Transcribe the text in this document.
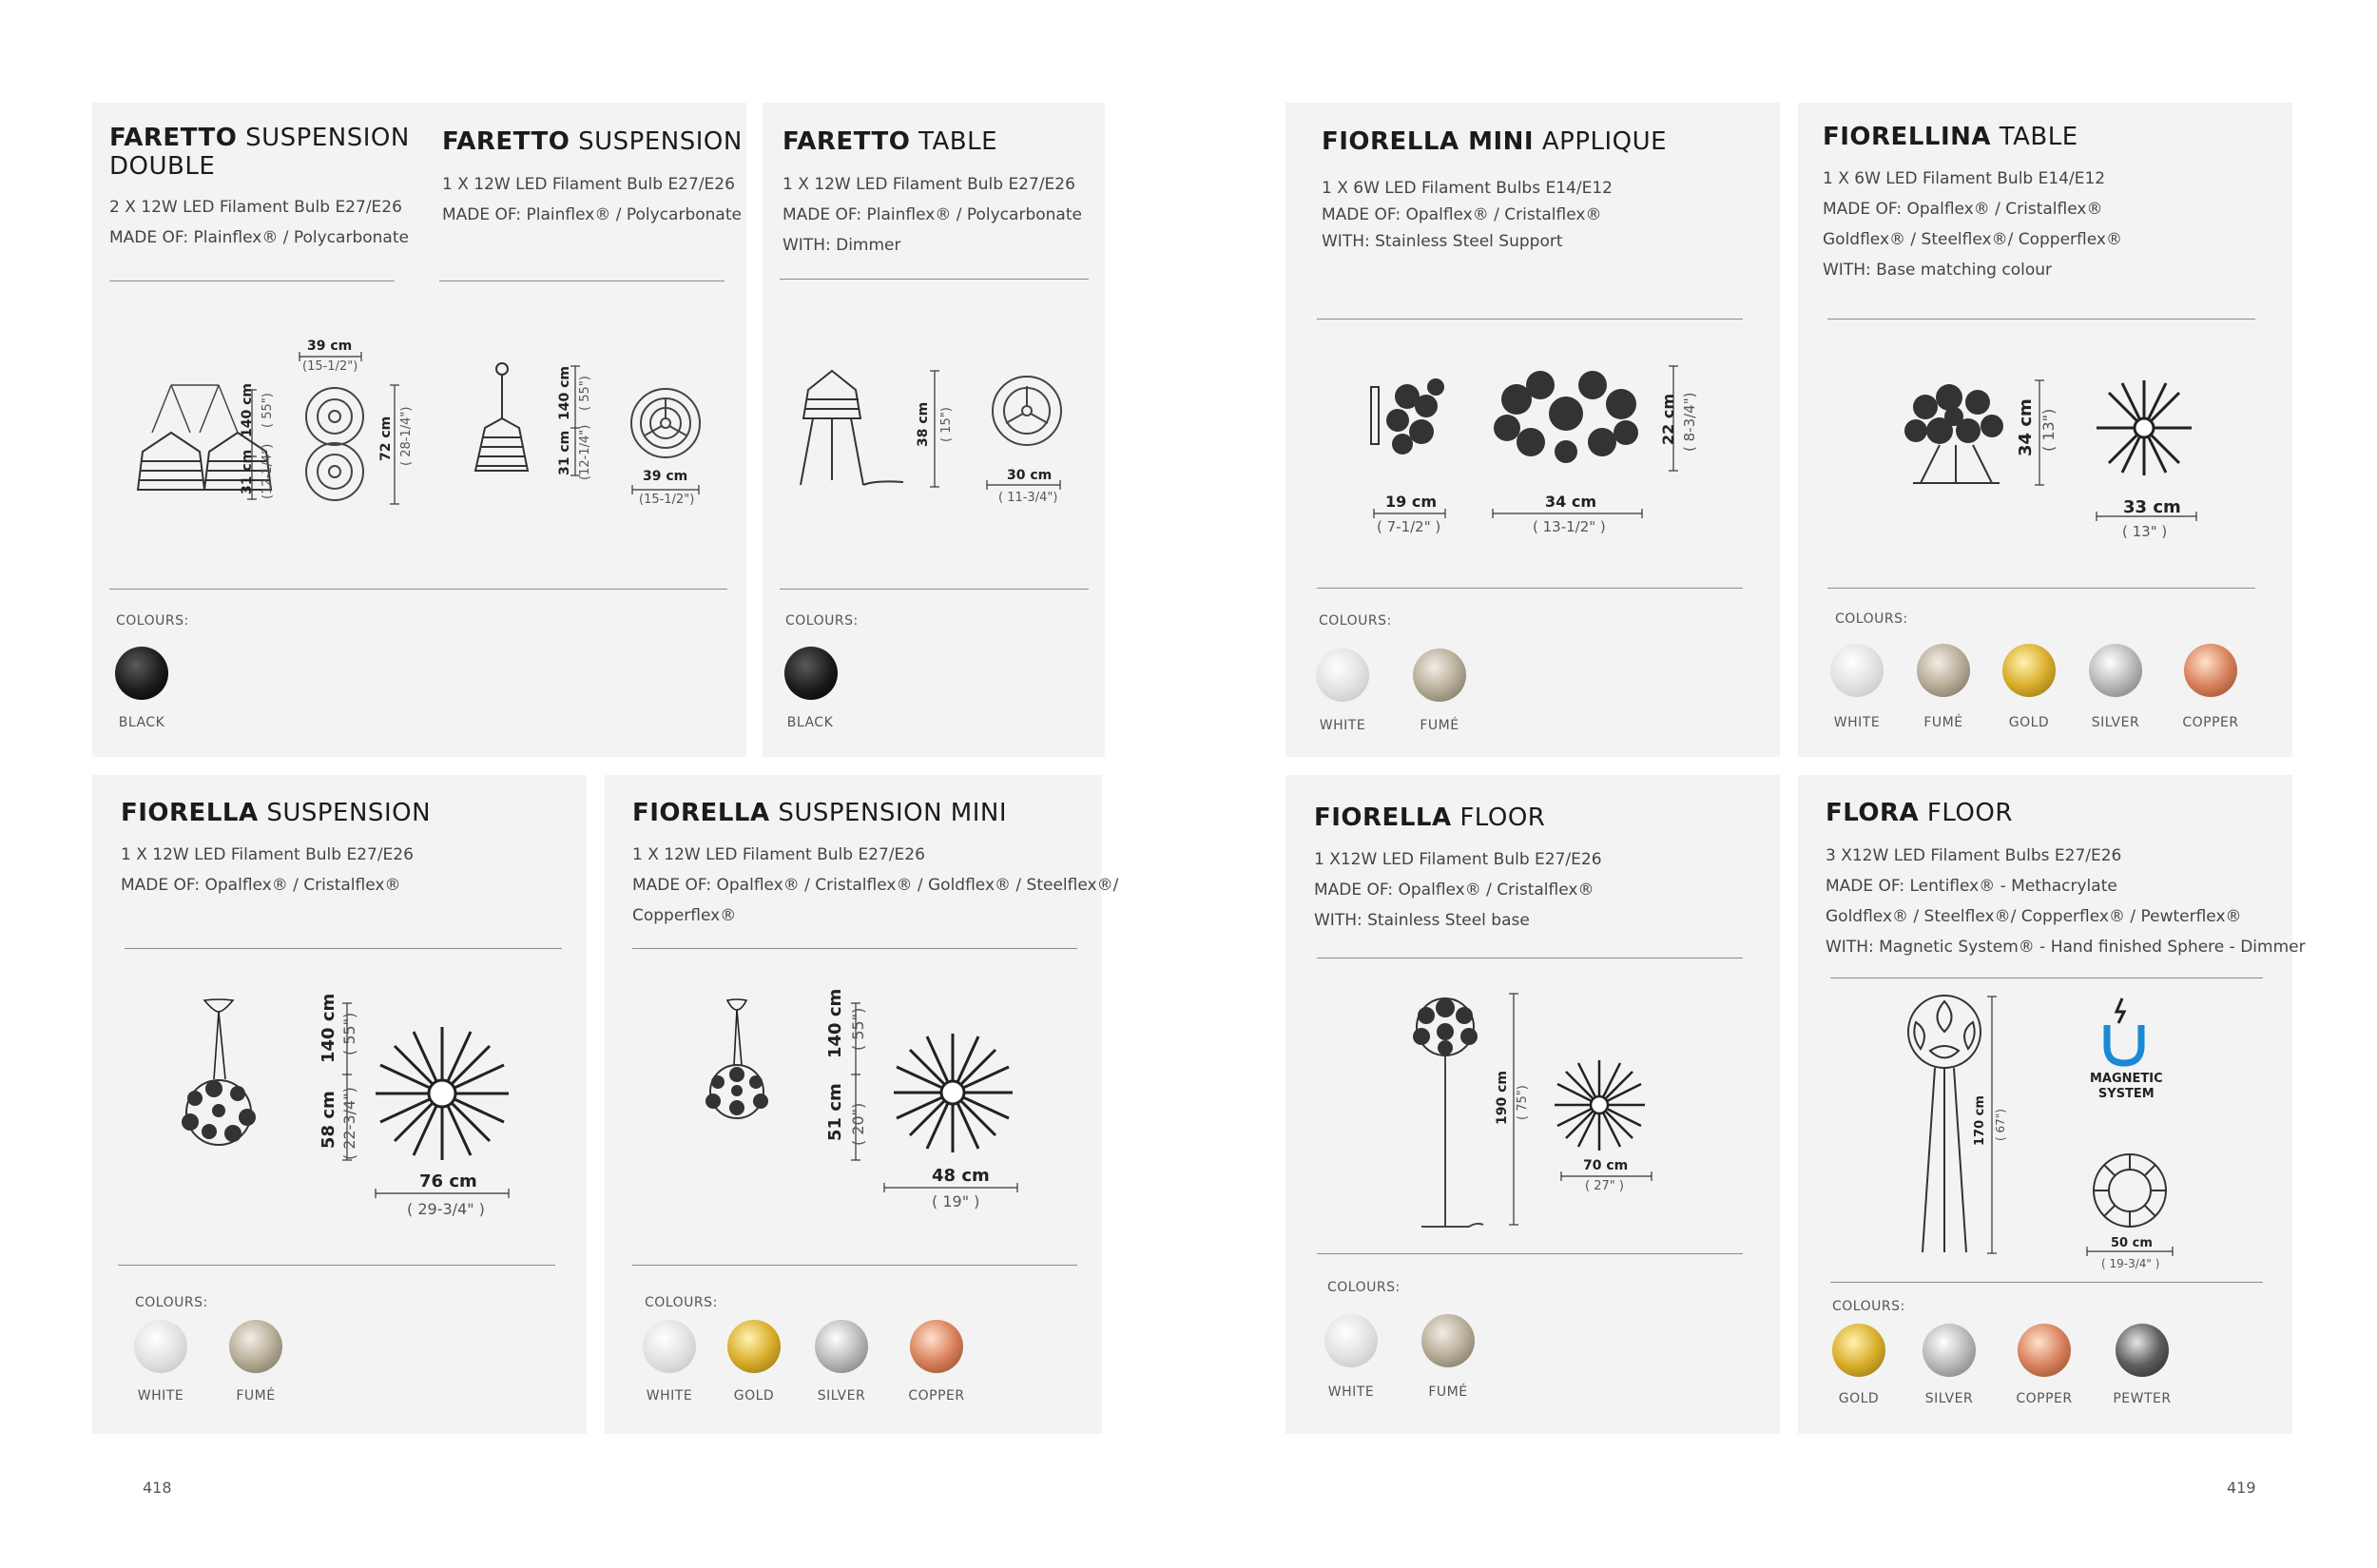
FARETTO SUSPENSION
DOUBLE
2 X 12W LED Filament Bulb E27/E26
MADE OF: Plainflex® / Polycarbonate
FARETTO SUSPENSION
1 X 12W LED Filament Bulb E27/E26
MADE OF: Plainflex® / Polycarbonate
39 cm
(15-1/2")
140 cm ( 55")
31 cm (12-1/4")
72 cm ( 28-1/4")
140 cm ( 55")
31 cm (12-1/4")	39 cm
(15-1/2")
COLOURS:
BLACK
FARETTO TABLE
1 X 12W LED Filament Bulb E27/E26
MADE OF: Plainflex® / Polycarbonate
WITH: Dimmer
38 cm ( 15")
30 cm
( 11-3/4")
COLOURS:
BLACK
FIORELLA SUSPENSION
1 X 12W LED Filament Bulb E27/E26
MADE OF: Opalflex® / Cristalflex®
140 cm ( 55")
58 cm ( 22-3/4")
76 cm
( 29-3/4" )
COLOURS:
WHITE	FUMÉ
FIORELLA SUSPENSION MINI
1 X 12W LED Filament Bulb E27/E26
MADE OF: Opalflex® / Cristalflex® / Goldflex® / Steelflex®/
Copperflex®
140 cm ( 55")
51 cm ( 20")
48 cm
( 19" )
COLOURS:
WHITE	GOLD	SILVER	COPPER
418
FIORELLA MINI APPLIQUE
1 X 6W LED Filament Bulbs E14/E12
MADE OF: Opalflex® / Cristalflex®
WITH: Stainless Steel Support
19 cm
( 7-1/2" )
34 cm
( 13-1/2" )
22 cm ( 8-3/4")
COLOURS:
WHITE	FUMÉ
FIORELLINA TABLE
1 X 6W LED Filament Bulb E14/E12
MADE OF: Opalflex® / Cristalflex®
Goldflex® / Steelflex®/ Copperflex®
WITH: Base matching colour
34 cm ( 13")
33 cm
( 13" )
COLOURS:
WHITE	FUMÉ	GOLD	SILVER	COPPER
FIORELLA FLOOR
1 X12W LED Filament Bulb E27/E26
MADE OF: Opalflex® / Cristalflex®
WITH: Stainless Steel base
190 cm ( 75")
70 cm
( 27" )
COLOURS:
WHITE	FUMÉ
FLORA FLOOR
3 X12W LED Filament Bulbs E27/E26
MADE OF: Lentiflex® - Methacrylate
Goldflex® / Steelflex®/ Copperflex® / Pewterflex®
WITH: Magnetic System® - Hand finished Sphere - Dimmer
MAGNETIC
SYSTEM
170 cm ( 67")
50 cm
( 19-3/4" )
COLOURS:
GOLD	SILVER	COPPER	PEWTER
419
